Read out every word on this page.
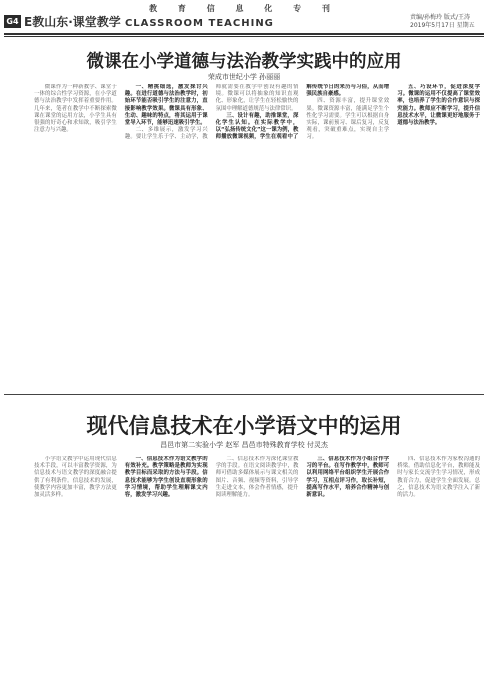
教 育 信 息 化 专 刊
G4 E教山东·课堂教学 CLASSROOM TEACHING
责编/孙梅玲 版式/王涛
2019年5月17日 星期五
微课在小学道德与法治教学实践中的应用
荣成市世纪小学 孙丽丽

微课作为一种新教学、课堂于一体的综合性学习资源，在小学道德与法治教学中发挥着重要作用。几年来，笔者在教学中不断探索微课在课堂的运用方法，小学生具有很强的好奇心和求知欲，吸引学生注意力与兴趣。

一、精挑细选，激发探讨兴趣。在进行道德与法治教学时，初始环节能否吸引学生的注意力，直接影响教学效果。微课具有形象、生动、趣味的特点，将其运用于课堂导入环节，能够迅速吸引学生。

二、多维展示，激发学习兴趣。要让学生乐于学、主动学，教师就需要在教学中创设有趣的情境。微课可以将抽象的知识直观化、形象化，让学生在轻松愉快的氛围中理解道德规范与法律常识。

三、设计有趣，助推课堂，深化学生认知。在实际教学中，以“弘扬传统文化”这一课为例，教师播放微课视频，学生在观看中了解传统节日的来历与习俗，从而增强民族自豪感。

四、资源丰富，提升课堂效果。微课资源丰富，能满足学生个性化学习需要。学生可以根据自身实际，课前预习、课后复习，反复观看，突破重难点，实现自主学习。

五、巧设环节，促进深度学习。微课的运用不仅提高了课堂效率，也培养了学生的合作意识与探究能力。教师应不断学习，提升信息技术水平，让微课更好地服务于道德与法治教学。

现代信息技术在小学语文中的运用
昌邑市第二实验小学 赵军 昌邑市特殊教育学校 付灵杰

小学语文教学中运用现代信息技术手段，可以丰富教学资源，为信息技术与语文教学的深度融合提供了有利条件。信息技术的发展，使教学内容更加丰富，教学方法更加灵活多样。

一、信息技术作为语文教学的有效补充。教学策略是教师为实现教学目标而采取的方法与手段。信息技术能够为学生创设直观形象的学习情境，帮助学生理解课文内容，激发学习兴趣。

二、信息技术作为深化课堂教学的手段。在语文阅读教学中，教师可借助多媒体展示与课文相关的图片、音频、视频等资料，引导学生走进文本，体会作者情感，提升阅读理解能力。

三、信息技术作为小组合作学习的平台。在写作教学中，教师可以利用网络平台组织学生开展合作学习，互相点评习作，取长补短，提高写作水平，培养合作精神与创新意识。

四、信息技术作为家校沟通的桥梁。借助信息化平台，教师能及时与家长交流学生学习情况，形成教育合力，促进学生全面发展。总之，信息技术为语文教学注入了新的活力。
